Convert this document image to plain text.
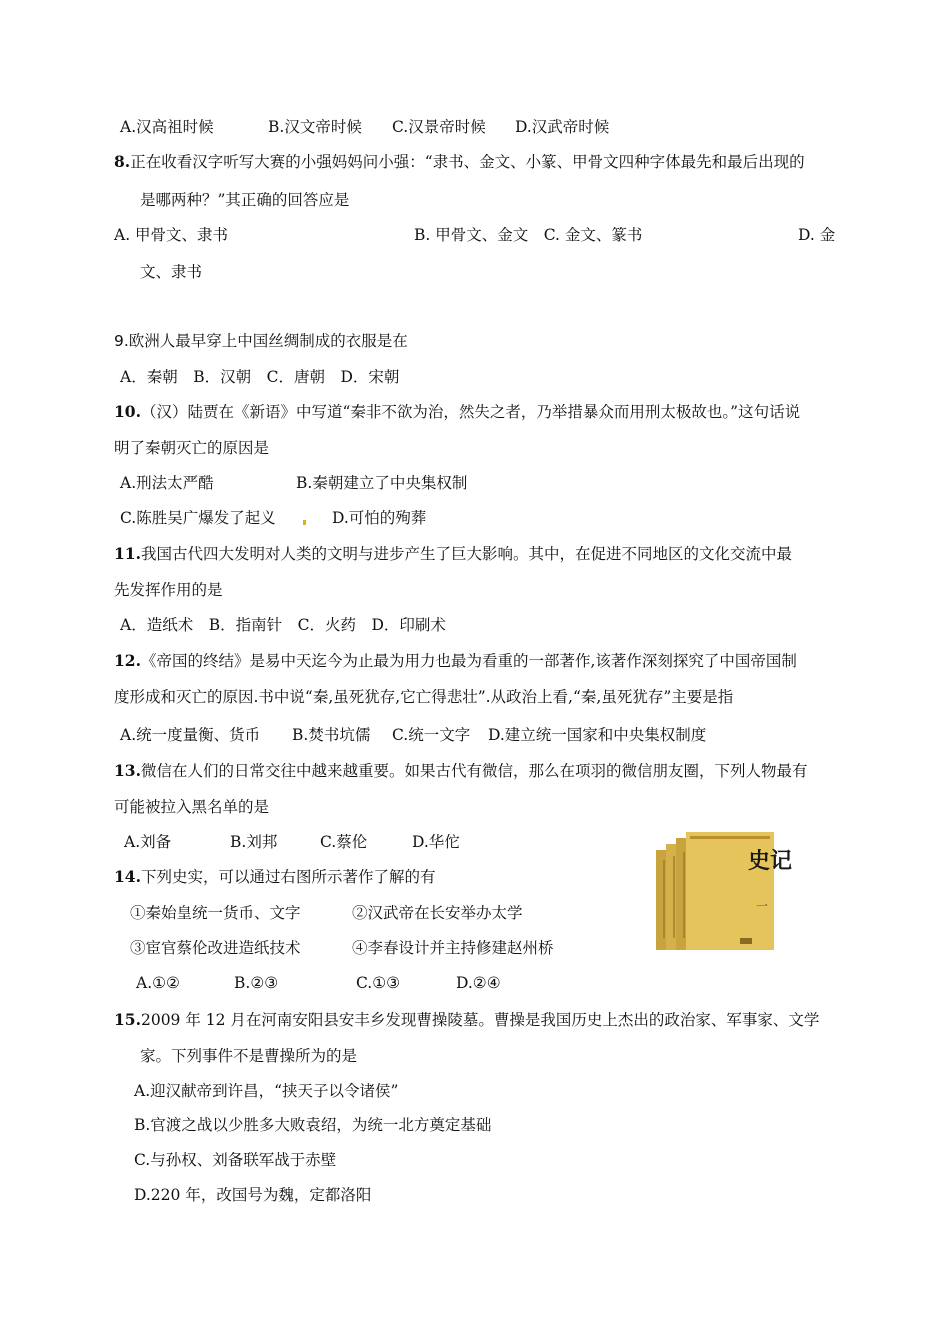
A.汉高祖时候	B.汉文帝时候 C.汉景帝时候 D.汉武帝时候
8.正在收看汉字听写大赛的小强妈妈问小强：“隶书、金文、小篆、甲骨文四种字体最先和最后出现的
是哪两种？”其正确的回答应是
A. 甲骨文、隶书	B. 甲骨文、金文　C. 金文、篆书	D. 金
文、隶书
9.欧洲人最早穿上中国丝绸制成的衣服是在
A．秦朝　B．汉朝　C．唐朝　D．宋朝
10.（汉）陆贾在《新语》中写道“秦非不欲为治，然失之者，乃举措暴众而用刑太极故也。”这句话说
明了秦朝灭亡的原因是
A.刑法太严酷	B.秦朝建立了中央集权制
C.陈胜吴广爆发了起义	D.可怕的殉葬
11.我国古代四大发明对人类的文明与进步产生了巨大影响。其中，在促进不同地区的文化交流中最
先发挥作用的是
A．造纸术　B．指南针　C．火药　D．印刷术
12.《帝国的终结》是易中天迄今为止最为用力也最为看重的一部著作,该著作深刻探究了中国帝国制
度形成和灭亡的原因.书中说“秦,虽死犹存,它亡得悲壮”.从政治上看,“秦,虽死犹存”主要是指
A.统一度量衡、货币 B.焚书坑儒 C.统一文字 D.建立统一国家和中央集权制度
13.微信在人们的日常交往中越来越重要。如果古代有微信，那么在项羽的微信朋友圈，下列人物最有
可能被拉入黑名单的是
A.刘备	B.刘邦	C.蔡伦	D.华佗
14.下列史实，可以通过右图所示著作了解的有
①秦始皇统一货币、文字	②汉武帝在长安举办太学
③宦官蔡伦改进造纸技术	④李春设计并主持修建赵州桥
A.①②	B.②③	C.①③	D.②④
史记
一
15.2009 年 12 月在河南安阳县安丰乡发现曹操陵墓。曹操是我国历史上杰出的政治家、军事家、文学
家。下列事件不是曹操所为的是
A.迎汉献帝到许昌，“挟天子以令诸侯”
B.官渡之战以少胜多大败袁绍，为统一北方奠定基础
C.与孙权、刘备联军战于赤壁
D.220 年，改国号为魏，定都洛阳
